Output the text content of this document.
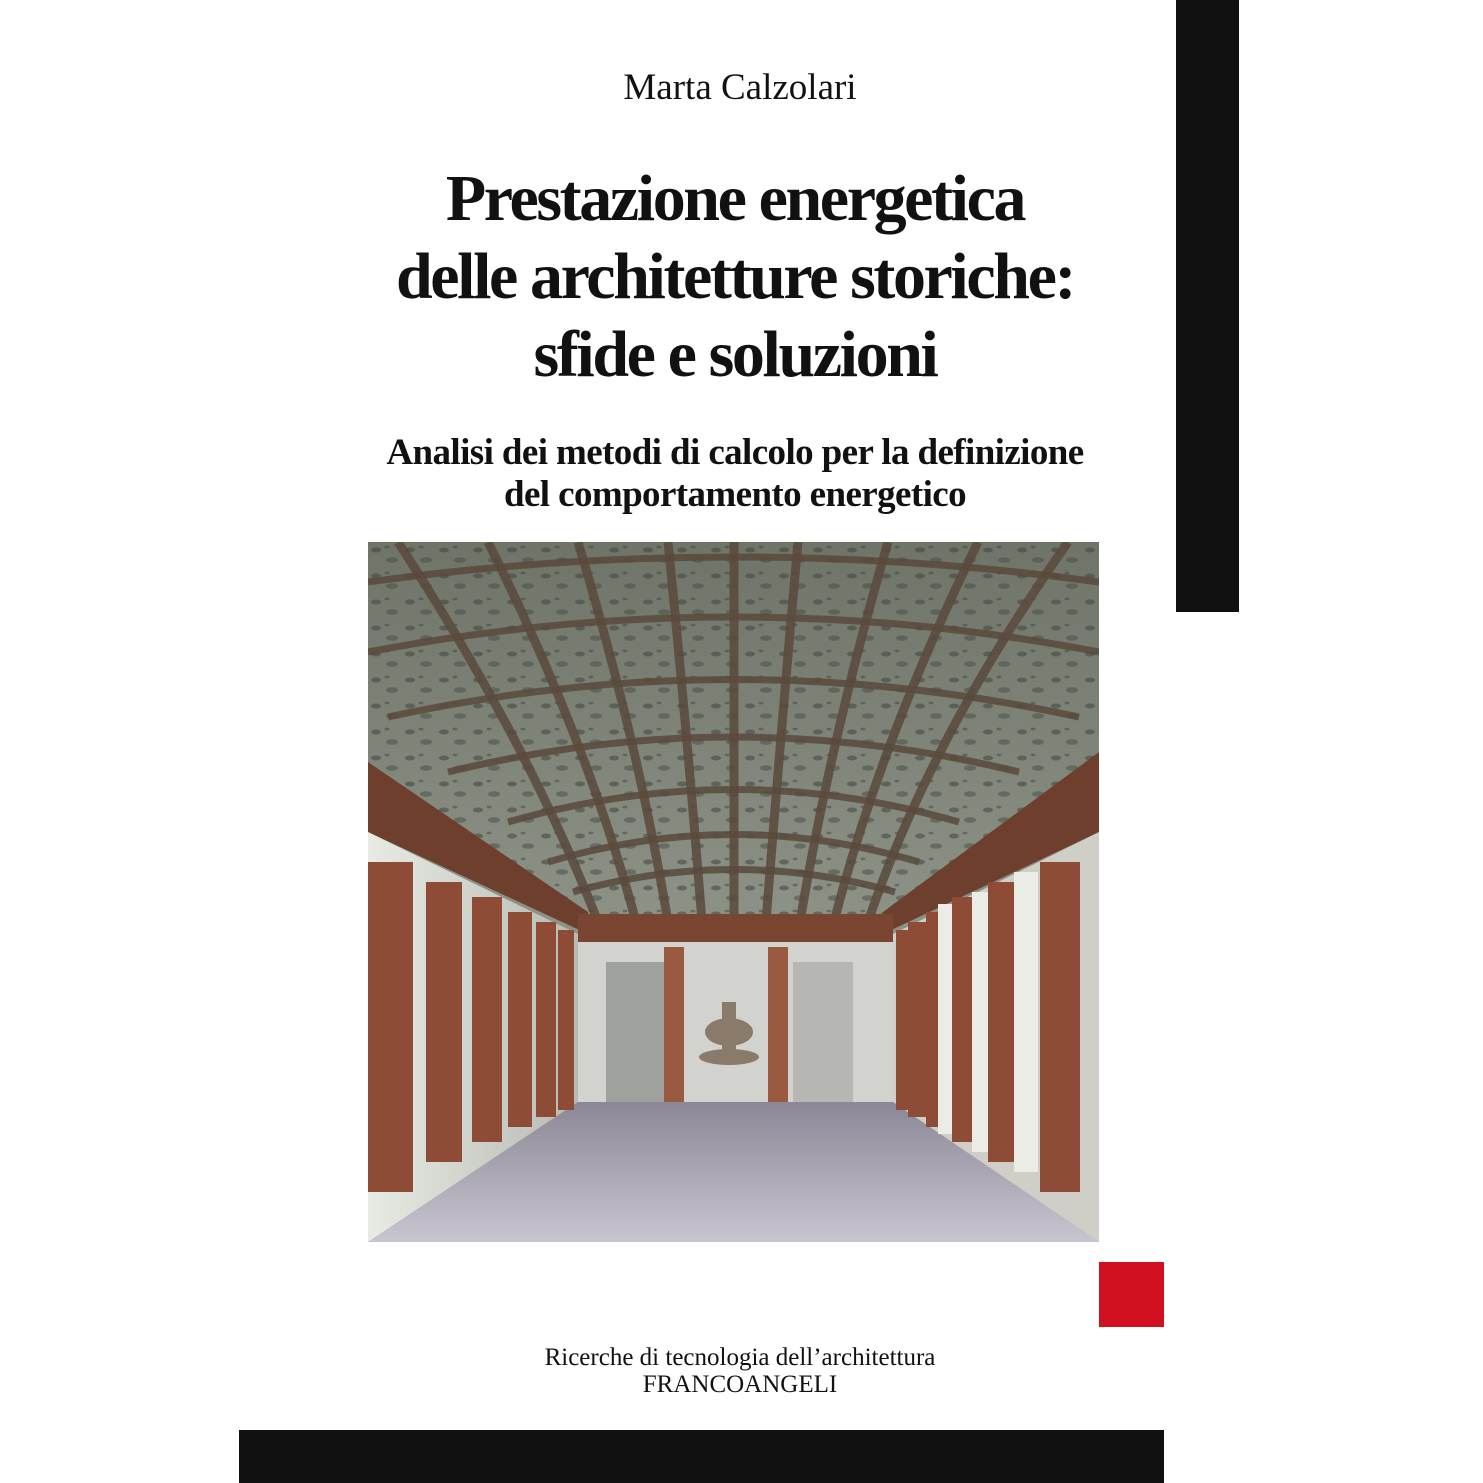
Marta Calzolari
Prestazione energetica
delle architetture storiche:
sfide e soluzioni
Analisi dei metodi di calcolo per la definizione
del comportamento energetico
Ricerche di tecnologia dell’architettura
FRANCOANGELI
